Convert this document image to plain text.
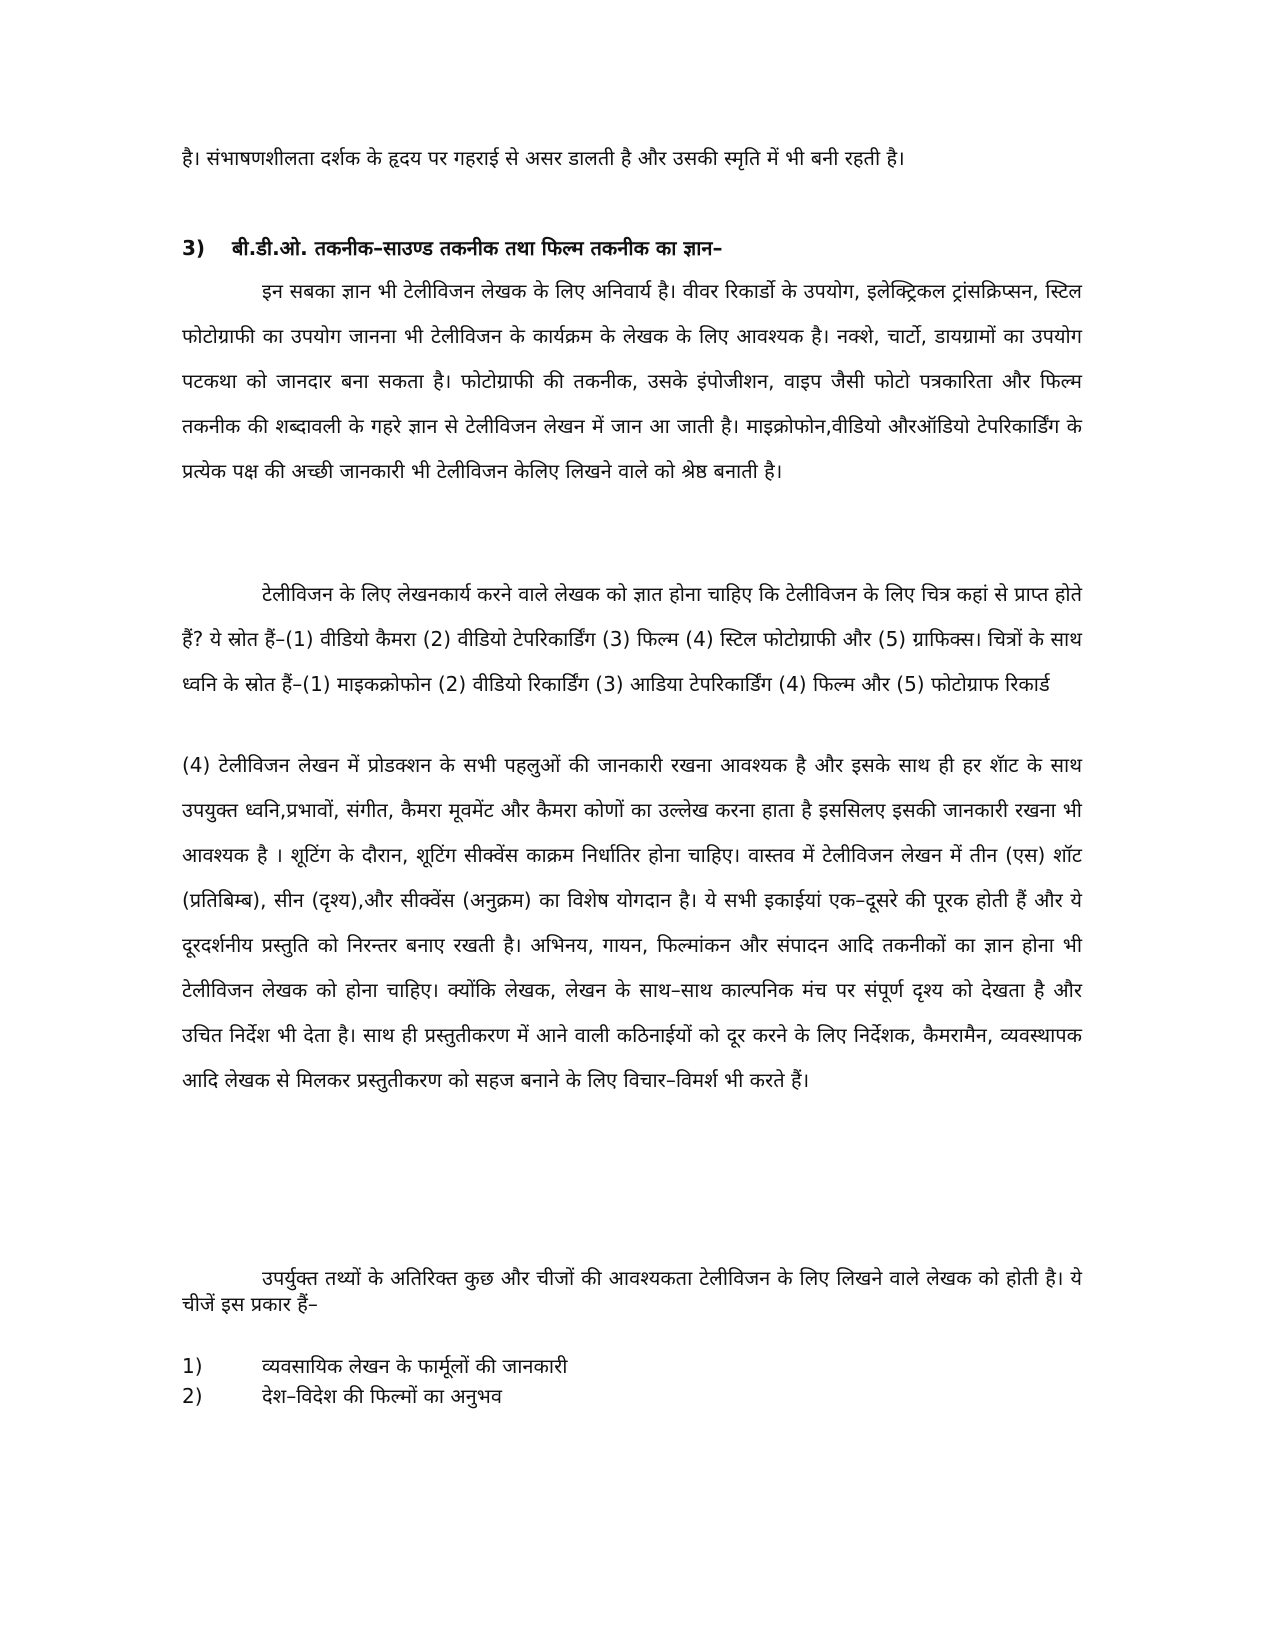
है। संभाषणशीलता दर्शक के हृदय पर गहराई से असर डालती है और उसकी स्मृति में भी बनी रहती है।

3) बी.डी.ओ. तकनीक–साउण्ड तकनीक तथा फिल्म तकनीक का ज्ञान–

इन सबका ज्ञान भी टेलीविजन लेखक के लिए अनिवार्य है। वीवर रिकार्डो के उपयोग, इलेक्ट्रिकल ट्रांसक्रिप्सन, स्टिल फोटोग्राफी का उपयोग जानना भी टेलीविजन के कार्यक्रम के लेखक के लिए आवश्यक है। नक्शे, चार्टो, डायग्रामों का उपयोग पटकथा को जानदार बना सकता है। फोटोग्राफी की तकनीक, उसके इंपोजीशन, वाइप जैसी फोटो पत्रकारिता और फिल्म तकनीक की शब्दावली के गहरे ज्ञान से टेलीविजन लेखन में जान आ जाती है। माइक्रोफोन,वीडियो औरऑडियो टेपरिकार्डिंग के प्रत्येक पक्ष की अच्छी जानकारी भी टेलीविजन केलिए लिखने वाले को श्रेष्ठ बनाती है।

टेलीविजन के लिए लेखनकार्य करने वाले लेखक को ज्ञात होना चाहिए कि टेलीविजन के लिए चित्र कहां से प्राप्त होते हैं? ये स्रोत हैं–(1) वीडियो कैमरा (2) वीडियो टेपरिकार्डिंग (3) फिल्म (4) स्टिल फोटोग्राफी और (5) ग्राफिक्स। चित्रों के साथ ध्वनि के स्रोत हैं–(1) माइकक्रोफोन (2) वीडियो रिकार्डिंग (3) आडिया टेपरिकार्डिंग (4) फिल्म और (5) फोटोग्राफ रिकार्ड

(4) टेलीविजन लेखन में प्रोडक्शन के सभी पहलुओं की जानकारी रखना आवश्यक है और इसके साथ ही हर शॅाट के साथ उपयुक्त ध्वनि,प्रभावों, संगीत, कैमरा मूवमेंट और कैमरा कोणों का उल्लेख करना हाता है इससिलए इसकी जानकारी रखना भी आवश्यक है । शूटिंग के दौरान, शूटिंग सीक्वेंस काक्रम निर्धातिर होना चाहिए। वास्तव में टेलीविजन लेखन में तीन (एस) शॉट (प्रतिबिम्ब), सीन (दृश्य),और सीक्वेंस (अनुक्रम) का विशेष योगदान है। ये सभी इकाईयां एक–दूसरे की पूरक होती हैं और ये दूरदर्शनीय प्रस्तुति को निरन्तर बनाए रखती है। अभिनय, गायन, फिल्मांकन और संपादन आदि तकनीकों का ज्ञान होना भी टेलीविजन लेखक को होना चाहिए। क्योंकि लेखक, लेखन के साथ–साथ काल्पनिक मंच पर संपूर्ण दृश्य को देखता है और उचित निर्देश भी देता है। साथ ही प्रस्तुतीकरण में आने वाली कठिनाईयों को दूर करने के लिए निर्देशक, कैमरामैन, व्यवस्थापक आदि लेखक से मिलकर प्रस्तुतीकरण को सहज बनाने के लिए विचार–विमर्श भी करते हैं।

उपर्युक्त तथ्यों के अतिरिक्त कुछ और चीजों की आवश्यकता टेलीविजन के लिए लिखने वाले लेखक को होती है। ये चीजें इस प्रकार हैं–

1)	व्यवसायिक लेखन के फार्मूलों की जानकारी
2)	देश–विदेश की फिल्मों का अनुभव
